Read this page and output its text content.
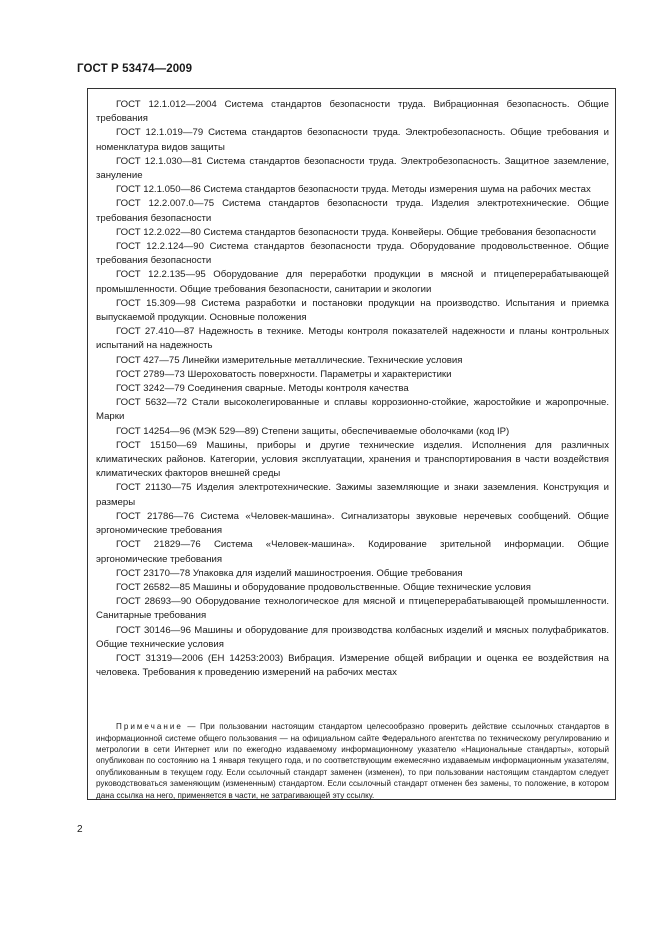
ГОСТ Р 53474—2009

ГОСТ 12.1.012—2004 Система стандартов безопасности труда. Вибрационная безопасность. Общие требования

ГОСТ 12.1.019—79 Система стандартов безопасности труда. Электробезопасность. Общие требования и номенклатура видов защиты

ГОСТ 12.1.030—81 Система стандартов безопасности труда. Электробезопасность. Защитное заземление, зануление

ГОСТ 12.1.050—86 Система стандартов безопасности труда. Методы измерения шума на рабочих местах

ГОСТ 12.2.007.0—75 Система стандартов безопасности труда. Изделия электротехнические. Общие требования безопасности

ГОСТ 12.2.022—80 Система стандартов безопасности труда. Конвейеры. Общие требования безопасности

ГОСТ 12.2.124—90 Система стандартов безопасности труда. Оборудование продовольственное. Общие требования безопасности

ГОСТ 12.2.135—95 Оборудование для переработки продукции в мясной и птицеперерабатывающей промышленности. Общие требования безопасности, санитарии и экологии

ГОСТ 15.309—98 Система разработки и постановки продукции на производство. Испытания и приемка выпускаемой продукции. Основные положения

ГОСТ 27.410—87 Надежность в технике. Методы контроля показателей надежности и планы контрольных испытаний на надежность

ГОСТ 427—75 Линейки измерительные металлические. Технические условия

ГОСТ 2789—73 Шероховатость поверхности. Параметры и характеристики

ГОСТ 3242—79 Соединения сварные. Методы контроля качества

ГОСТ 5632—72 Стали высоколегированные и сплавы коррозионно-стойкие, жаростойкие и жаропрочные. Марки

ГОСТ 14254—96 (МЭК 529—89) Степени защиты, обеспечиваемые оболочками (код IP)

ГОСТ 15150—69 Машины, приборы и другие технические изделия. Исполнения для различных климатических районов. Категории, условия эксплуатации, хранения и транспортирования в части воздействия климатических факторов внешней среды

ГОСТ 21130—75 Изделия электротехнические. Зажимы заземляющие и знаки заземления. Конструкция и размеры

ГОСТ 21786—76 Система «Человек-машина». Сигнализаторы звуковые неречевых сообщений. Общие эргономические требования

ГОСТ 21829—76 Система «Человек-машина». Кодирование зрительной информации. Общие эргономические требования

ГОСТ 23170—78 Упаковка для изделий машиностроения. Общие требования

ГОСТ 26582—85 Машины и оборудование продовольственные. Общие технические условия

ГОСТ 28693—90 Оборудование технологическое для мясной и птицеперерабатывающей промышленности. Санитарные требования

ГОСТ 30146—96 Машины и оборудование для производства колбасных изделий и мясных полуфабрикатов. Общие технические условия

ГОСТ 31319—2006 (ЕН 14253:2003) Вибрация. Измерение общей вибрации и оценка ее воздействия на человека. Требования к проведению измерений на рабочих местах

Примечание — При пользовании настоящим стандартом целесообразно проверить действие ссылочных стандартов в информационной системе общего пользования — на официальном сайте Федерального агентства по техническому регулированию и метрологии в сети Интернет или по ежегодно издаваемому информационному указателю «Национальные стандарты», который опубликован по состоянию на 1 января текущего года, и по соответствующим ежемесячно издаваемым информационным указателям, опубликованным в текущем году. Если ссылочный стандарт заменен (изменен), то при пользовании настоящим стандартом следует руководствоваться заменяющим (измененным) стандартом. Если ссылочный стандарт отменен без замены, то положение, в котором дана ссылка на него, применяется в части, не затрагивающей эту ссылку.

2
